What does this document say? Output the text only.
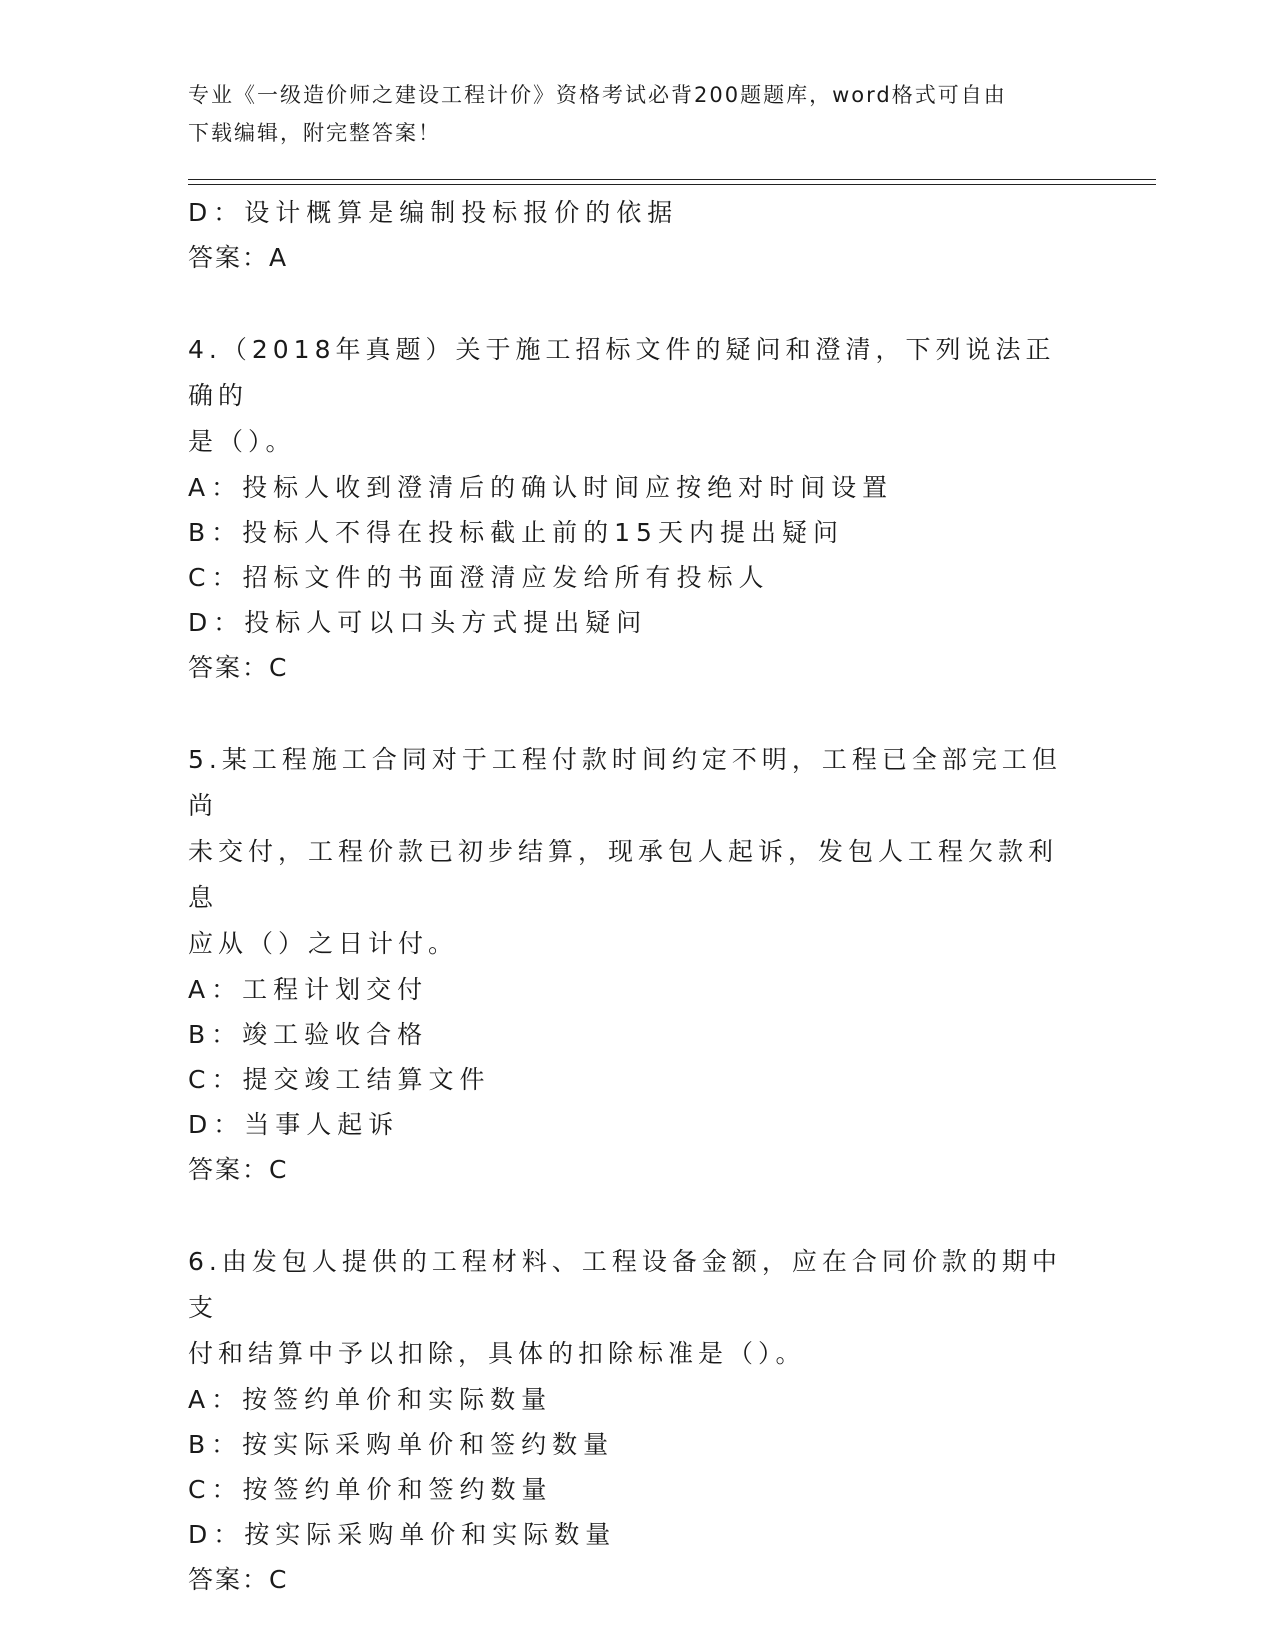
专业《一级造价师之建设工程计价》资格考试必背200题题库，word格式可自由
下载编辑，附完整答案！
D：设计概算是编制投标报价的依据
答案：A
4.（2018年真题）关于施工招标文件的疑问和澄清，下列说法正确的
是（）。
A：投标人收到澄清后的确认时间应按绝对时间设置
B：投标人不得在投标截止前的15天内提出疑问
C：招标文件的书面澄清应发给所有投标人
D：投标人可以口头方式提出疑问
答案：C
5.某工程施工合同对于工程付款时间约定不明，工程已全部完工但尚
未交付，工程价款已初步结算，现承包人起诉，发包人工程欠款利息
应从（）之日计付。
A：工程计划交付
B：竣工验收合格
C：提交竣工结算文件
D：当事人起诉
答案：C
6.由发包人提供的工程材料、工程设备金额，应在合同价款的期中支
付和结算中予以扣除，具体的扣除标准是（）。
A：按签约单价和实际数量
B：按实际采购单价和签约数量
C：按签约单价和签约数量
D：按实际采购单价和实际数量
答案：C
